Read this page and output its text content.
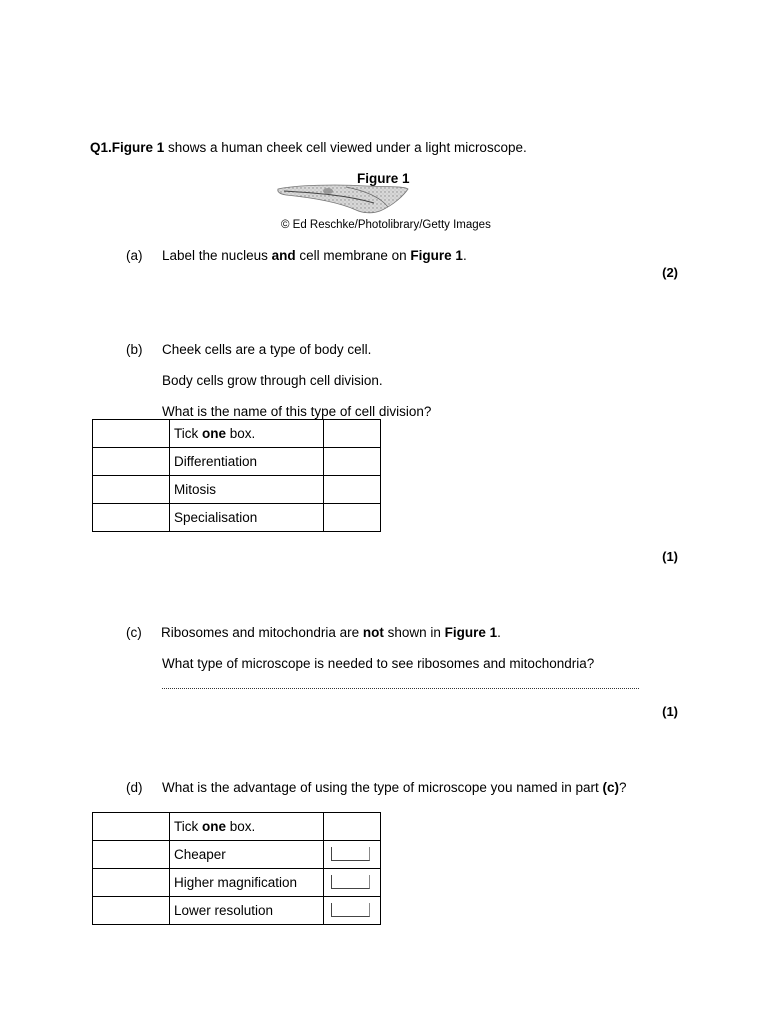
Q1.Figure 1 shows a human cheek cell viewed under a light microscope.
Figure 1
© Ed Reschke/Photolibrary/Getty Images
(a) Label the nucleus and cell membrane on Figure 1.
(2)
(b) Cheek cells are a type of body cell.
Body cells grow through cell division.
What is the name of this type of cell division?
	Tick one box.	
	Differentiation	
	Mitosis	
	Specialisation	
(1)
(c) Ribosomes and mitochondria are not shown in Figure 1.
What type of microscope is needed to see ribosomes and mitochondria?
(1)
(d) What is the advantage of using the type of microscope you named in part (c)?
	Tick one box.	
	Cheaper	

	Higher magnification	

	Lower resolution	
